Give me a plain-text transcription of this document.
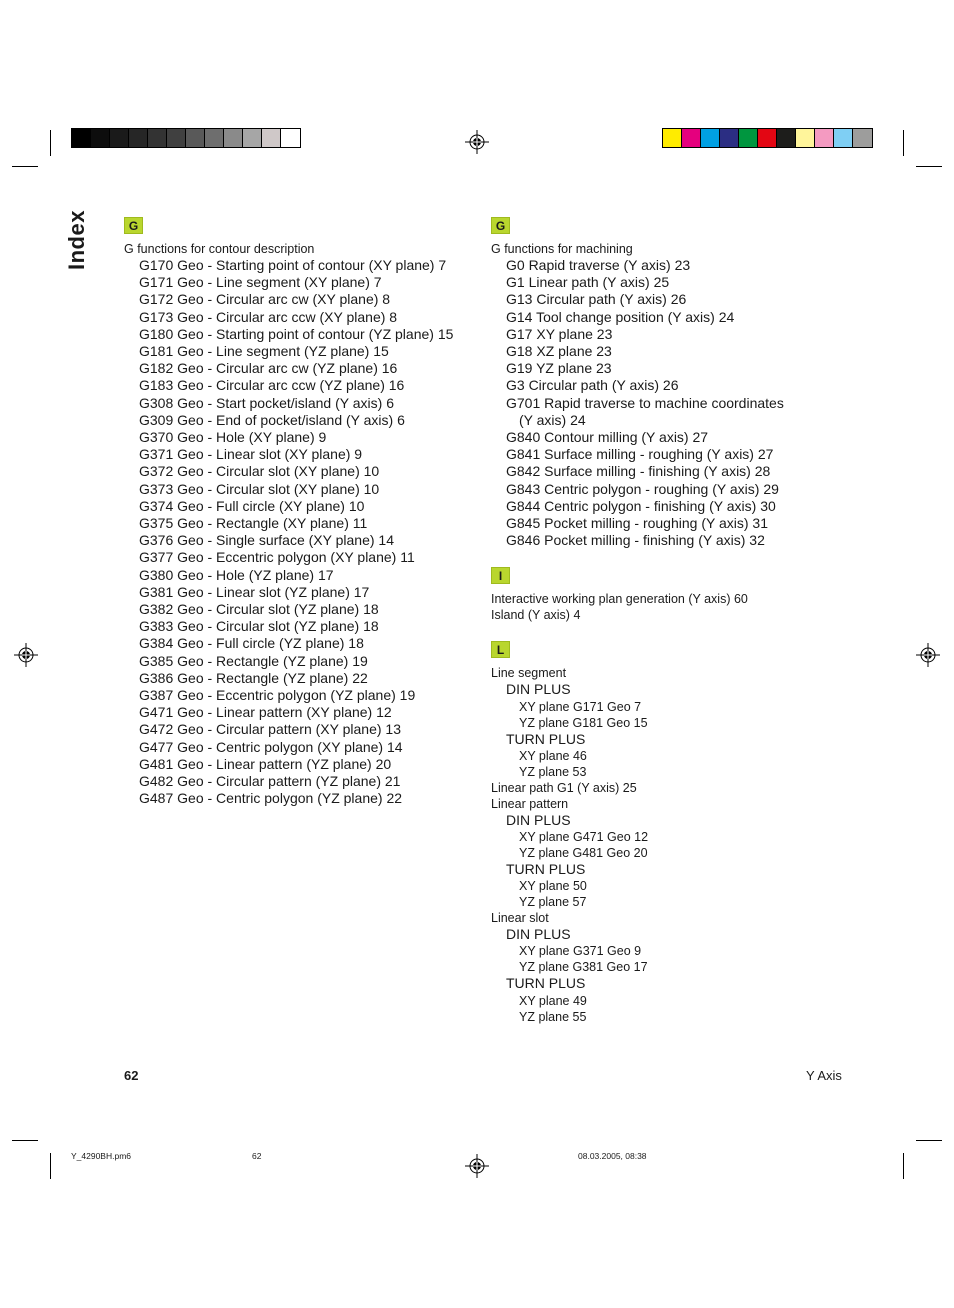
Index	G
G functions for contour description
G170 Geo - Starting point of contour (XY plane) 7
G171 Geo - Line segment (XY plane) 7
G172 Geo - Circular arc cw (XY plane) 8
G173 Geo - Circular arc ccw (XY plane) 8
G180 Geo - Starting point of contour (YZ plane) 15
G181 Geo - Line segment (YZ plane) 15
G182 Geo - Circular arc cw (YZ plane) 16
G183 Geo - Circular arc ccw (YZ plane) 16
G308 Geo - Start pocket/island (Y axis) 6
G309 Geo - End of pocket/island (Y axis) 6
G370 Geo - Hole (XY plane) 9
G371 Geo - Linear slot (XY plane) 9
G372 Geo - Circular slot (XY plane) 10
G373 Geo - Circular slot (XY plane) 10
G374 Geo - Full circle (XY plane) 10
G375 Geo - Rectangle (XY plane) 11
G376 Geo - Single surface (XY plane) 14
G377 Geo - Eccentric polygon (XY plane) 11
G380 Geo - Hole (YZ plane) 17
G381 Geo - Linear slot (YZ plane) 17
G382 Geo - Circular slot (YZ plane) 18
G383 Geo - Circular slot (YZ plane) 18
G384 Geo - Full circle (YZ plane) 18
G385 Geo - Rectangle (YZ plane) 19
G386 Geo - Rectangle (YZ plane) 22
G387 Geo - Eccentric polygon (YZ plane) 19
G471 Geo - Linear pattern (XY plane) 12
G472 Geo - Circular pattern (XY plane) 13
G477 Geo - Centric polygon (XY plane) 14
G481 Geo - Linear pattern (YZ plane) 20
G482 Geo - Circular pattern (YZ plane) 21
G487 Geo - Centric polygon (YZ plane) 22
G
G functions for machining
G0 Rapid traverse (Y axis) 23
G1 Linear path (Y axis) 25
G13 Circular path (Y axis) 26
G14 Tool change position (Y axis) 24
G17 XY plane 23
G18 XZ plane 23
G19 YZ plane 23
G3 Circular path (Y axis) 26
G701 Rapid traverse to machine coordinates
(Y axis) 24
G840 Contour milling (Y axis) 27
G841 Surface milling - roughing (Y axis) 27
G842 Surface milling - finishing (Y axis) 28
G843 Centric polygon - roughing (Y axis) 29
G844 Centric polygon - finishing (Y axis) 30
G845 Pocket milling - roughing (Y axis) 31
G846 Pocket milling - finishing (Y axis) 32
I
Interactive working plan generation (Y axis) 60
Island (Y axis) 4
L
Line segment
DIN PLUS
XY plane G171 Geo 7
YZ plane G181 Geo 15
TURN PLUS
XY plane 46
YZ plane 53
Linear path G1 (Y axis) 25
Linear pattern
DIN PLUS
XY plane G471 Geo 12
YZ plane G481 Geo 20
TURN PLUS
XY plane 50
YZ plane 57
Linear slot
DIN PLUS
XY plane G371 Geo 9
YZ plane G381 Geo 17
TURN PLUS
XY plane 49
YZ plane 55
62	Y Axis
Y_4290BH.pm6	62	08.03.2005, 08:38
